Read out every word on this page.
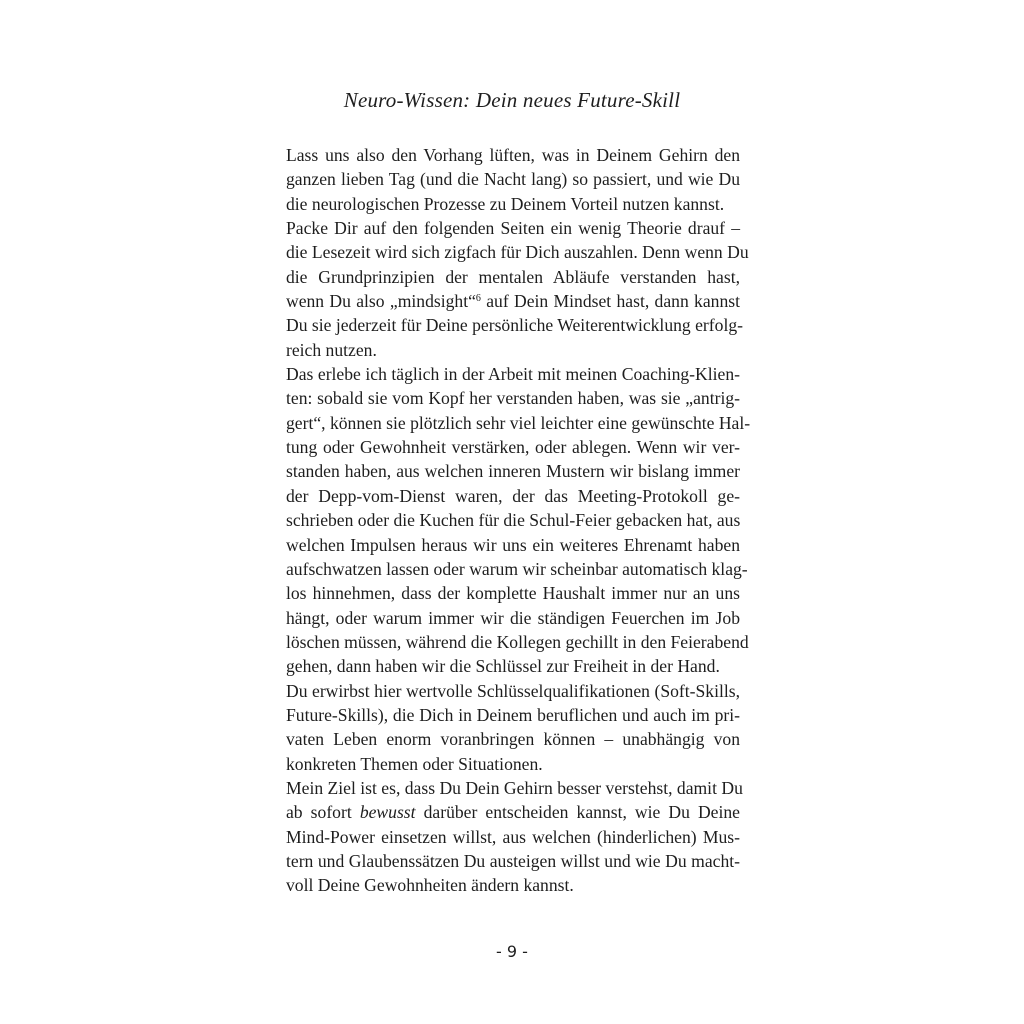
Neuro-Wissen: Dein neues Future-Skill
Lass uns also den Vorhang lüften, was in Deinem Gehirn den
ganzen lieben Tag (und die Nacht lang) so passiert, und wie Du
die neurologischen Prozesse zu Deinem Vorteil nutzen kannst.
Packe Dir auf den folgenden Seiten ein wenig Theorie drauf –
die Lesezeit wird sich zigfach für Dich auszahlen. Denn wenn Du
die Grundprinzipien der mentalen Abläufe verstanden hast,
wenn Du also „mindsight“$^6$ auf Dein Mindset hast, dann kannst
Du sie jederzeit für Deine persönliche Weiterentwicklung erfolg-
reich nutzen.
Das erlebe ich täglich in der Arbeit mit meinen Coaching-Klien-
ten: sobald sie vom Kopf her verstanden haben, was sie „antrig-
gert“, können sie plötzlich sehr viel leichter eine gewünschte Hal-
tung oder Gewohnheit verstärken, oder ablegen. Wenn wir ver-
standen haben, aus welchen inneren Mustern wir bislang immer
der Depp-vom-Dienst waren, der das Meeting-Protokoll ge-
schrieben oder die Kuchen für die Schul-Feier gebacken hat, aus
welchen Impulsen heraus wir uns ein weiteres Ehrenamt haben
aufschwatzen lassen oder warum wir scheinbar automatisch klag-
los hinnehmen, dass der komplette Haushalt immer nur an uns
hängt, oder warum immer wir die ständigen Feuerchen im Job
löschen müssen, während die Kollegen gechillt in den Feierabend
gehen, dann haben wir die Schlüssel zur Freiheit in der Hand.
Du erwirbst hier wertvolle Schlüsselqualifikationen (Soft-Skills,
Future-Skills), die Dich in Deinem beruflichen und auch im pri-
vaten Leben enorm voranbringen können – unabhängig von
konkreten Themen oder Situationen.
Mein Ziel ist es, dass Du Dein Gehirn besser verstehst, damit Du
ab sofort bewusst darüber entscheiden kannst, wie Du Deine
Mind-Power einsetzen willst, aus welchen (hinderlichen) Mus-
tern und Glaubenssätzen Du austeigen willst und wie Du macht-
voll Deine Gewohnheiten ändern kannst.
- 9 -
